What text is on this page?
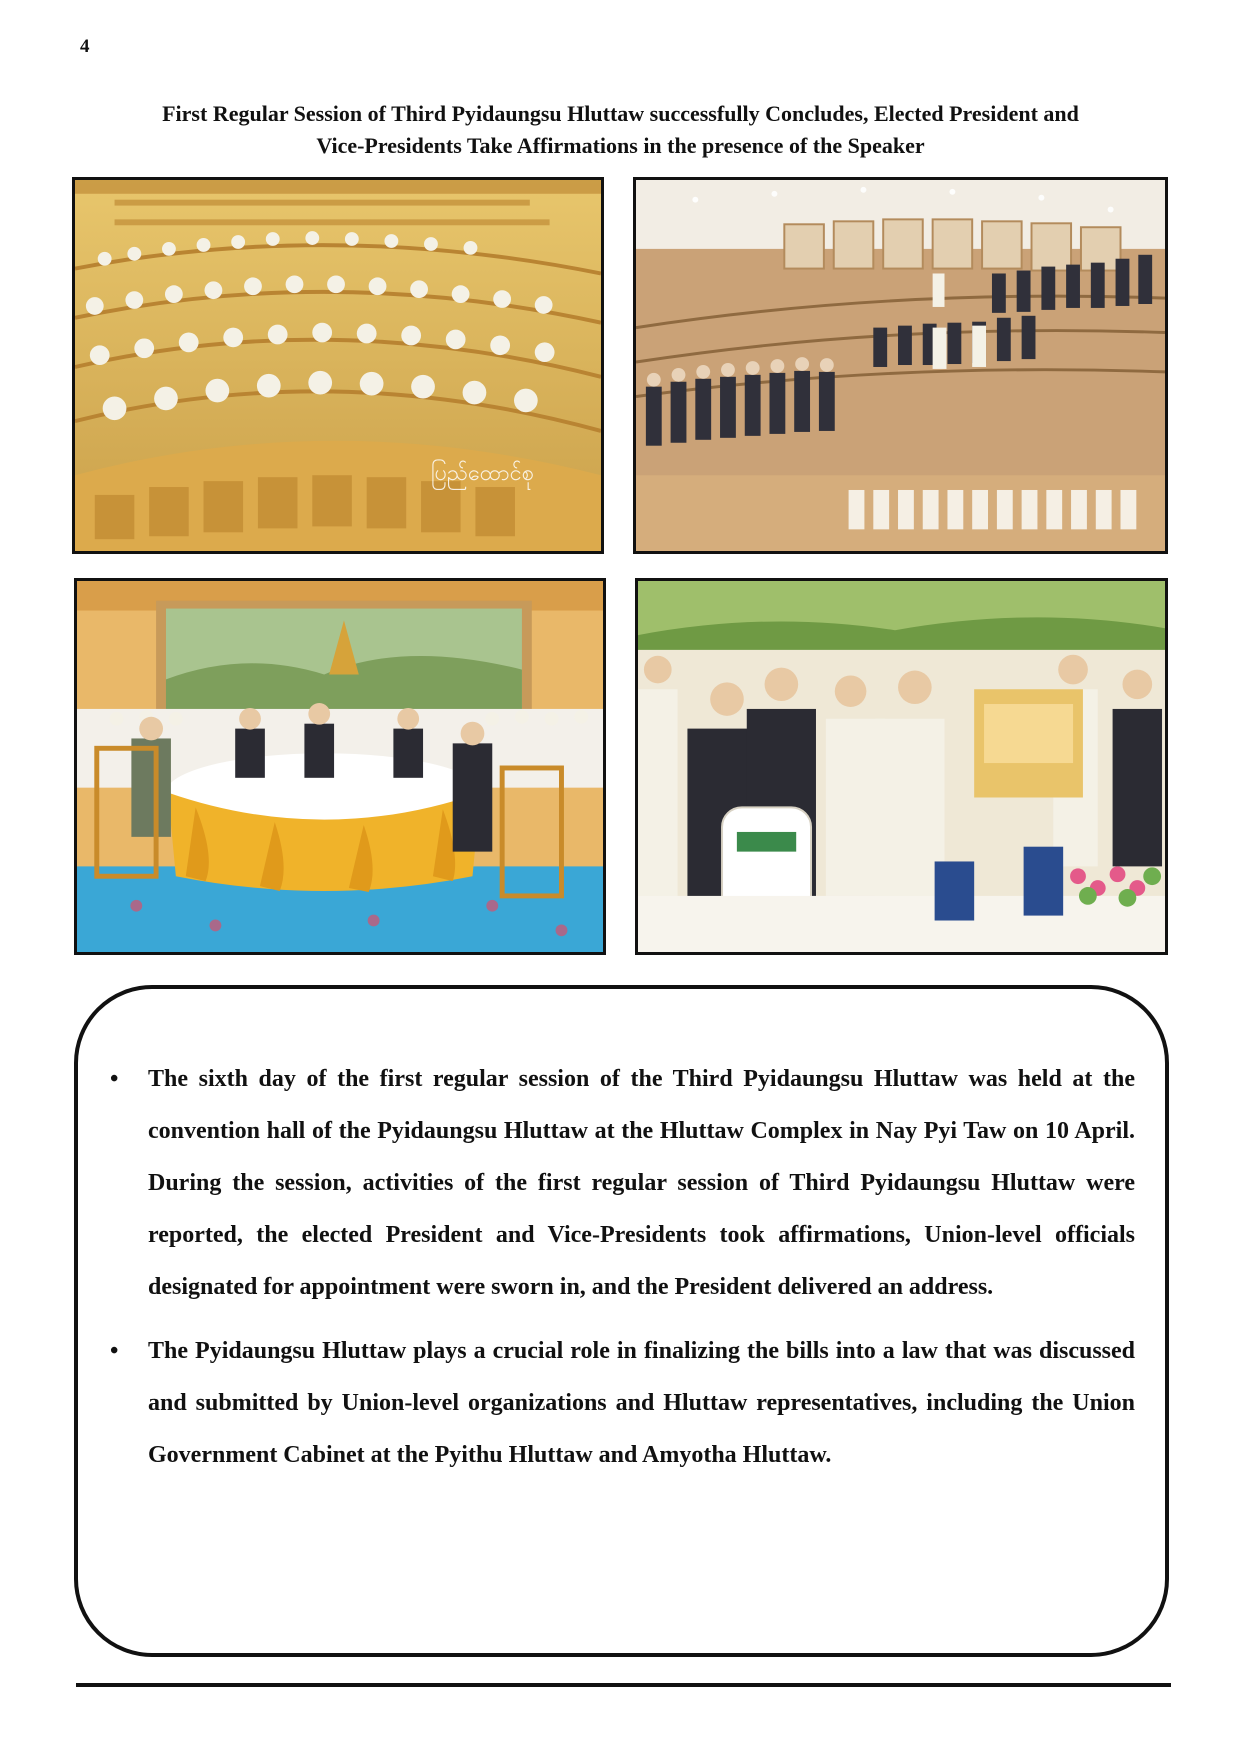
4
First Regular Session of Third Pyidaungsu Hluttaw successfully Concludes, Elected President and
Vice-Presidents Take Affirmations in the presence of the Speaker
ပြည်ထောင်စု
• The sixth day of the first regular session of the Third Pyidaungsu Hluttaw was held at the convention hall of the Pyidaungsu Hluttaw at the Hluttaw Complex in Nay Pyi Taw on 10 April. During the session, activities of the first regular session of Third Pyidaungsu Hluttaw were reported, the elected President and Vice-Presidents took affirmations, Union-level officials designated for appointment were sworn in, and the President delivered an address.
• The Pyidaungsu Hluttaw plays a crucial role in finalizing the bills into a law that was discussed and submitted by Union-level organizations and Hluttaw representatives, including the Union Government Cabinet at the Pyithu Hluttaw and Amyotha Hluttaw.
